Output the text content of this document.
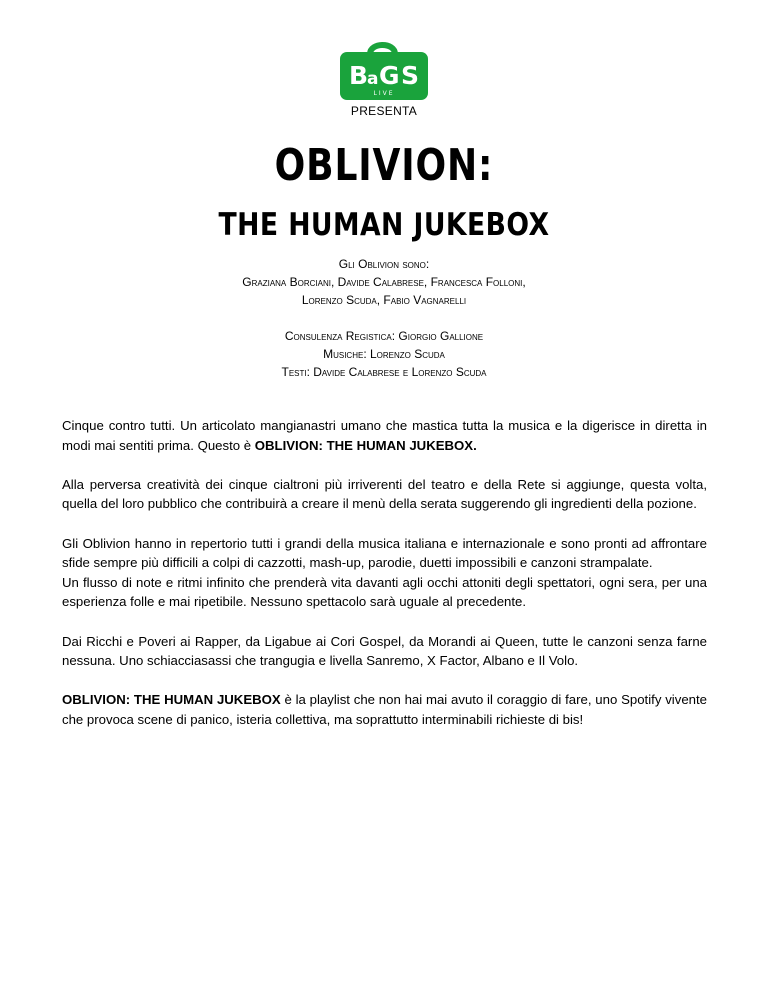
B
a G S
LIVE
PRESENTA
OBLIVION:
THE HUMAN JUKEBOX
Gli Oblivion sono:
Graziana Borciani, Davide Calabrese, Francesca Folloni,
Lorenzo Scuda, Fabio Vagnarelli
Consulenza Registica: Giorgio Gallione
Musiche: Lorenzo Scuda
Testi: Davide Calabrese e Lorenzo Scuda

Cinque contro tutti. Un articolato mangianastri umano che mastica tutta la musica e la digerisce in diretta in modi mai sentiti prima. Questo è OBLIVION: THE HUMAN JUKEBOX.

Alla perversa creatività dei cinque cialtroni più irriverenti del teatro e della Rete si aggiunge, questa volta, quella del loro pubblico che contribuirà a creare il menù della serata suggerendo gli ingredienti della pozione.

Gli Oblivion hanno in repertorio tutti i grandi della musica italiana e internazionale e sono pronti ad affrontare sfide sempre più difficili a colpi di cazzotti, mash-up, parodie, duetti impossibili e canzoni strampalate.

Un flusso di note e ritmi infinito che prenderà vita davanti agli occhi attoniti degli spettatori, ogni sera, per una esperienza folle e mai ripetibile. Nessuno spettacolo sarà uguale al precedente.

Dai Ricchi e Poveri ai Rapper, da Ligabue ai Cori Gospel, da Morandi ai Queen, tutte le canzoni senza farne nessuna. Uno schiacciasassi che trangugia e livella Sanremo, X Factor, Albano e Il Volo.

OBLIVION: THE HUMAN JUKEBOX è la playlist che non hai mai avuto il coraggio di fare, uno Spotify vivente che provoca scene di panico, isteria collettiva, ma soprattutto interminabili richieste di bis!
